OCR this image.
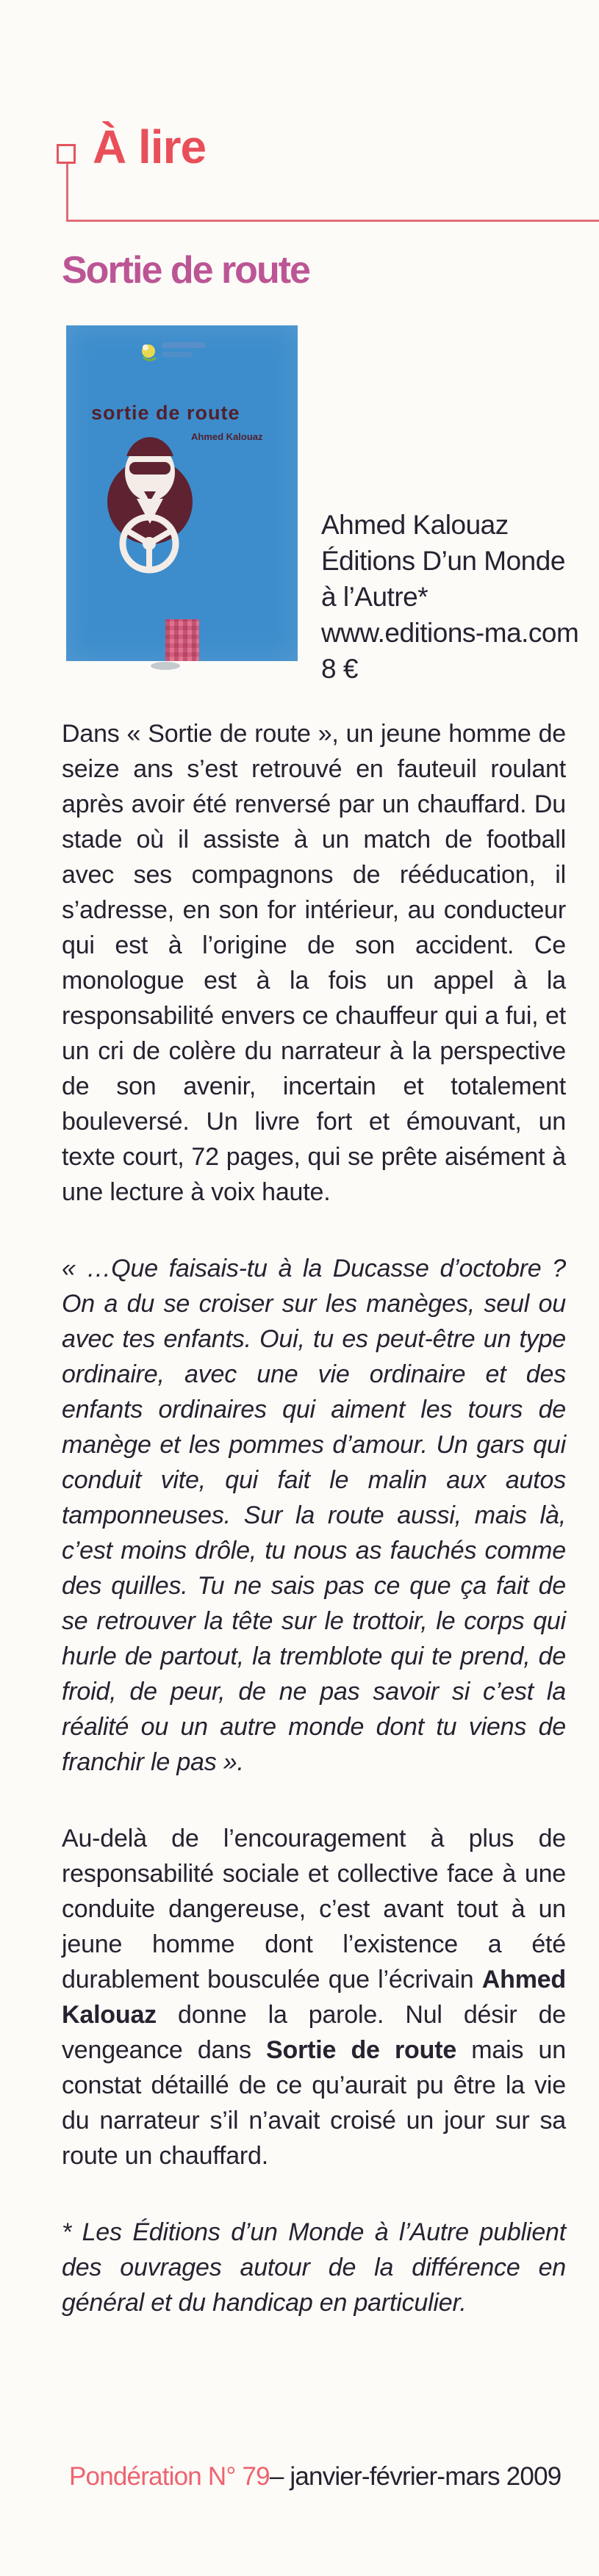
À lire
Sortie de route
sortie de route
Ahmed Kalouaz
Ahmed Kalouaz
Éditions D’un Monde
à l’Autre*
www.editions-ma.com
8 €

Dans « Sortie de route », un jeune homme de seize ans s’est retrouvé en fauteuil roulant après avoir été renversé par un chauffard. Du stade où il assiste à un match de football avec ses compagnons de rééducation, il s’adresse, en son for intérieur, au conducteur qui est à l’origine de son accident. Ce monologue est à la fois un appel à la responsabilité envers ce chauffeur qui a fui, et un cri de colère du narrateur à la perspective de son avenir, incertain et totalement bouleversé. Un livre fort et émouvant, un texte court, 72 pages, qui se prête aisément à une lecture à voix haute.

« …Que faisais-tu à la Ducasse d’octobre ? On a du se croiser sur les manèges, seul ou avec tes enfants. Oui, tu es peut-être un type ordinaire, avec une vie ordinaire et des enfants ordinaires qui aiment les tours de manège et les pommes d’amour. Un gars qui conduit vite, qui fait le malin aux autos tamponneuses. Sur la route aussi, mais là, c’est moins drôle, tu nous as fauchés comme des quilles. Tu ne sais pas ce que ça fait de se retrouver la tête sur le trottoir, le corps qui hurle de partout, la tremblote qui te prend, de froid, de peur, de ne pas savoir si c’est la réalité ou un autre monde dont tu viens de franchir le pas ».

Au-delà de l’encouragement à plus de responsabilité sociale et collective face à une conduite dangereuse, c’est avant tout à un jeune homme dont l’existence a été durablement bousculée que l’écrivain Ahmed Kalouaz donne la parole. Nul désir de vengeance dans Sortie de route mais un constat détaillé de ce qu’aurait pu être la vie du narrateur s’il n’avait croisé un jour sur sa route un chauffard.

* Les Éditions d’un Monde à l’Autre publient des ouvrages autour de la différence en général et du handicap en particulier.

Pondération N° 79– janvier-février-mars 2009
